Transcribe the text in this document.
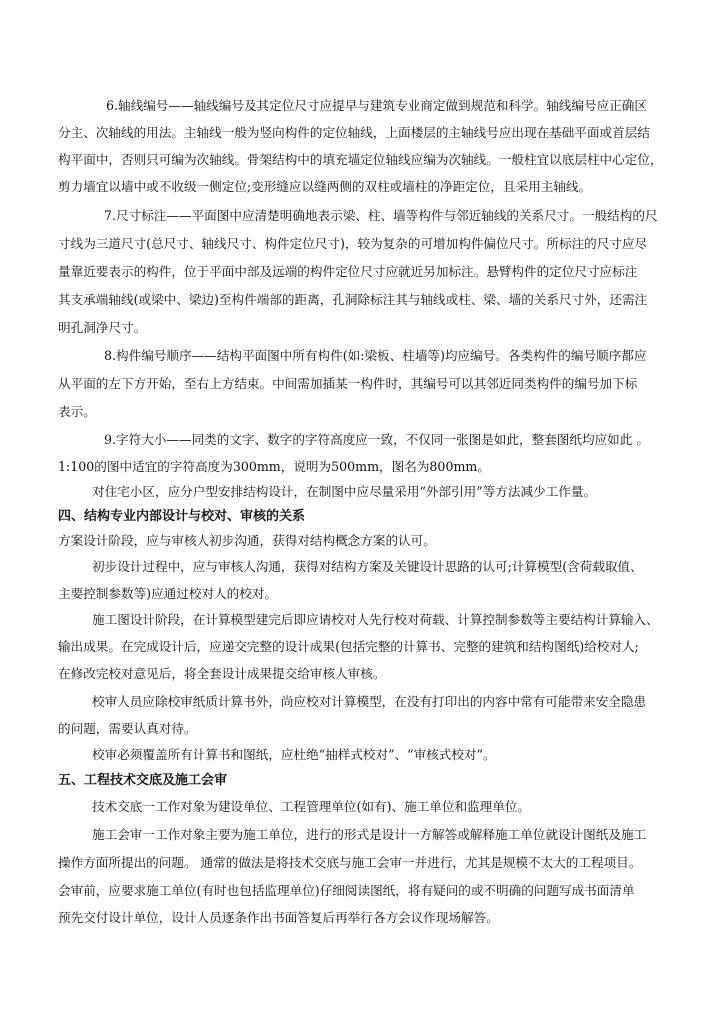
6.轴线编号——轴线编号及其定位尺寸应提早与建筑专业商定做到规范和科学。轴线编号应正确区
分主、次轴线的用法。主轴线一般为竖向构件的定位轴线，上面楼层的主轴线号应出现在基础平面或首层结
构平面中，否则只可编为次轴线。骨架结构中的填充墙定位轴线应编为次轴线。一般柱宜以底层柱中心定位，
剪力墙宜以墙中或不收级一侧定位;变形缝应以缝两侧的双柱或墙柱的净距定位，且采用主轴线。
7.尺寸标注——平面图中应清楚明确地表示梁、柱、墙等构件与邻近轴线的关系尺寸。一般结构的尺
寸线为三道尺寸(总尺寸、轴线尺寸、构件定位尺寸)，较为复杂的可增加构件偏位尺寸。所标注的尺寸应尽
量靠近要表示的构件，位于平面中部及远端的构件定位尺寸应就近另加标注。悬臂构件的定位尺寸应标注
其支承端轴线(或梁中、梁边)至构件端部的距离，孔洞除标注其与轴线或柱、梁、墙的关系尺寸外，还需注
明孔洞净尺寸。
8.构件编号顺序——结构平面图中所有构件(如:梁板、柱墙等)均应编号。各类构件的编号顺序都应
从平面的左下方开始，至右上方结束。中间需加插某一构件时，其编号可以其邻近同类构件的编号加下标
表示。
9.字符大小——同类的文字、数字的字符高度应一致，不仅同一张图是如此，整套图纸均应如此 。
1:100的图中适宜的字符高度为300mm，说明为500mm，图名为800mm。
对住宅小区，应分户型安排结构设计，在制图中应尽量采用“外部引用”等方法减少工作量。
四、结构专业内部设计与校对、审核的关系
方案设计阶段，应与审核人初步沟通，获得对结构概念方案的认可。
初步设计过程中，应与审核人沟通，获得对结构方案及关键设计思路的认可;计算模型(含荷载取值、
主要控制参数等)应通过校对人的校对。
施工图设计阶段，在计算模型建完后即应请校对人先行校对荷载、计算控制参数等主要结构计算输入、
输出成果。在完成设计后，应递交完整的设计成果(包括完整的计算书、完整的建筑和结构图纸)给校对人;
在修改完校对意见后，将全套设计成果提交给审核人审核。
校审人员应除校审纸质计算书外，尚应校对计算模型，在没有打印出的内容中常有可能带来安全隐患
的问题，需要认真对待。
校审必须覆盖所有计算书和图纸，应杜绝“抽样式校对”、“审核式校对”。
五、工程技术交底及施工会审
技术交底一工作对象为建设单位、工程管理单位(如有)、施工单位和监理单位。
施工会审一工作对象主要为施工单位，进行的形式是设计一方解答或解释施工单位就设计图纸及施工
操作方面所提出的问题。 通常的做法是将技术交底与施工会审一并进行，尤其是规模不太大的工程项目。
会审前，应要求施工单位(有时也包括监理单位)仔细阅读图纸，将有疑问的或不明确的问题写成书面清单
预先交付设计单位，设计人员逐条作出书面答复后再举行各方会议作现场解答。
